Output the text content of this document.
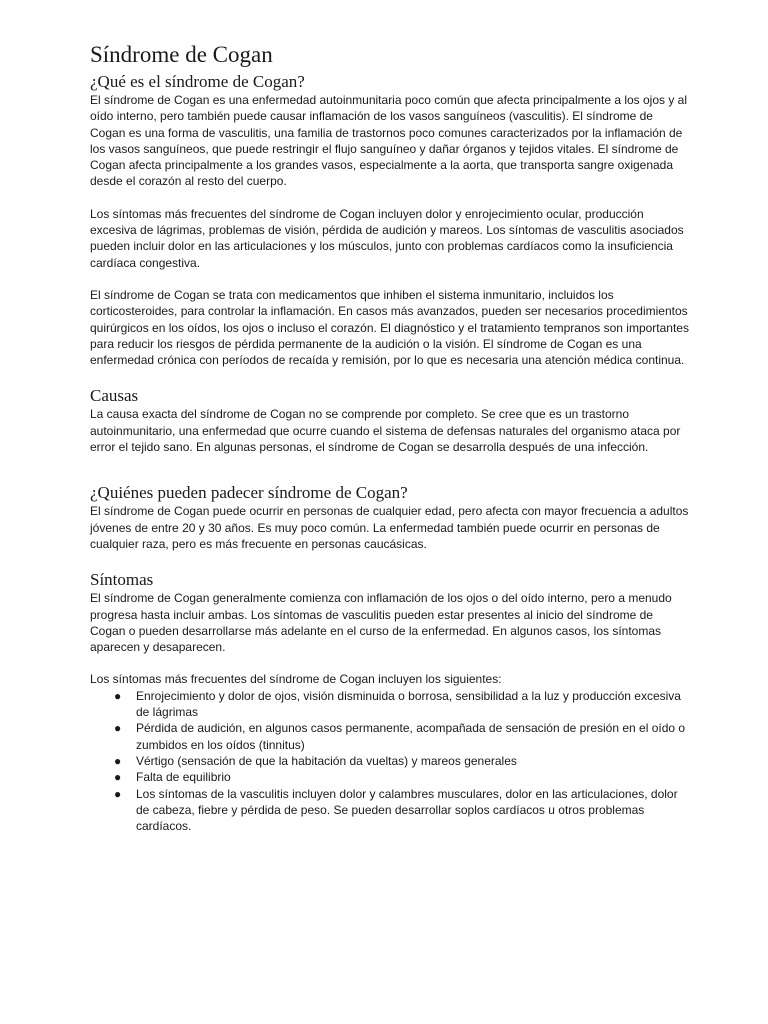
Síndrome de Cogan
¿Qué es el síndrome de Cogan?

El síndrome de Cogan es una enfermedad autoinmunitaria poco común que afecta principalmente a los ojos y al oído interno, pero también puede causar inflamación de los vasos sanguíneos (vasculitis). El síndrome de Cogan es una forma de vasculitis, una familia de trastornos poco comunes caracterizados por la inflamación de los vasos sanguíneos, que puede restringir el flujo sanguíneo y dañar órganos y tejidos vitales. El síndrome de Cogan afecta principalmente a los grandes vasos, especialmente a la aorta, que transporta sangre oxigenada desde el corazón al resto del cuerpo.

Los síntomas más frecuentes del síndrome de Cogan incluyen dolor y enrojecimiento ocular, producción excesiva de lágrimas, problemas de visión, pérdida de audición y mareos. Los síntomas de vasculitis asociados pueden incluir dolor en las articulaciones y los músculos, junto con problemas cardíacos como la insuficiencia cardíaca congestiva.

El síndrome de Cogan se trata con medicamentos que inhiben el sistema inmunitario, incluidos los corticosteroides, para controlar la inflamación. En casos más avanzados, pueden ser necesarios procedimientos quirúrgicos en los oídos, los ojos o incluso el corazón. El diagnóstico y el tratamiento tempranos son importantes para reducir los riesgos de pérdida permanente de la audición o la visión. El síndrome de Cogan es una enfermedad crónica con períodos de recaída y remisión, por lo que es necesaria una atención médica continua.

Causas

La causa exacta del síndrome de Cogan no se comprende por completo. Se cree que es un trastorno autoinmunitario, una enfermedad que ocurre cuando el sistema de defensas naturales del organismo ataca por error el tejido sano. En algunas personas, el síndrome de Cogan se desarrolla después de una infección.

¿Quiénes pueden padecer síndrome de Cogan?

El síndrome de Cogan puede ocurrir en personas de cualquier edad, pero afecta con mayor frecuencia a adultos jóvenes de entre 20 y 30 años. Es muy poco común. La enfermedad también puede ocurrir en personas de cualquier raza, pero es más frecuente en personas caucásicas.

Síntomas

El síndrome de Cogan generalmente comienza con inflamación de los ojos o del oído interno, pero a menudo progresa hasta incluir ambas. Los síntomas de vasculitis pueden estar presentes al inicio del síndrome de Cogan o pueden desarrollarse más adelante en el curso de la enfermedad. En algunos casos, los síntomas aparecen y desaparecen.

Los síntomas más frecuentes del síndrome de Cogan incluyen los siguientes:

● Enrojecimiento y dolor de ojos, visión disminuida o borrosa, sensibilidad a la luz y producción excesiva de lágrimas
● Pérdida de audición, en algunos casos permanente, acompañada de sensación de presión en el oído o zumbidos en los oídos (tinnitus)
● Vértigo (sensación de que la habitación da vueltas) y mareos generales
● Falta de equilibrio
● Los síntomas de la vasculitis incluyen dolor y calambres musculares, dolor en las articulaciones, dolor de cabeza, fiebre y pérdida de peso. Se pueden desarrollar soplos cardíacos u otros problemas cardíacos.
